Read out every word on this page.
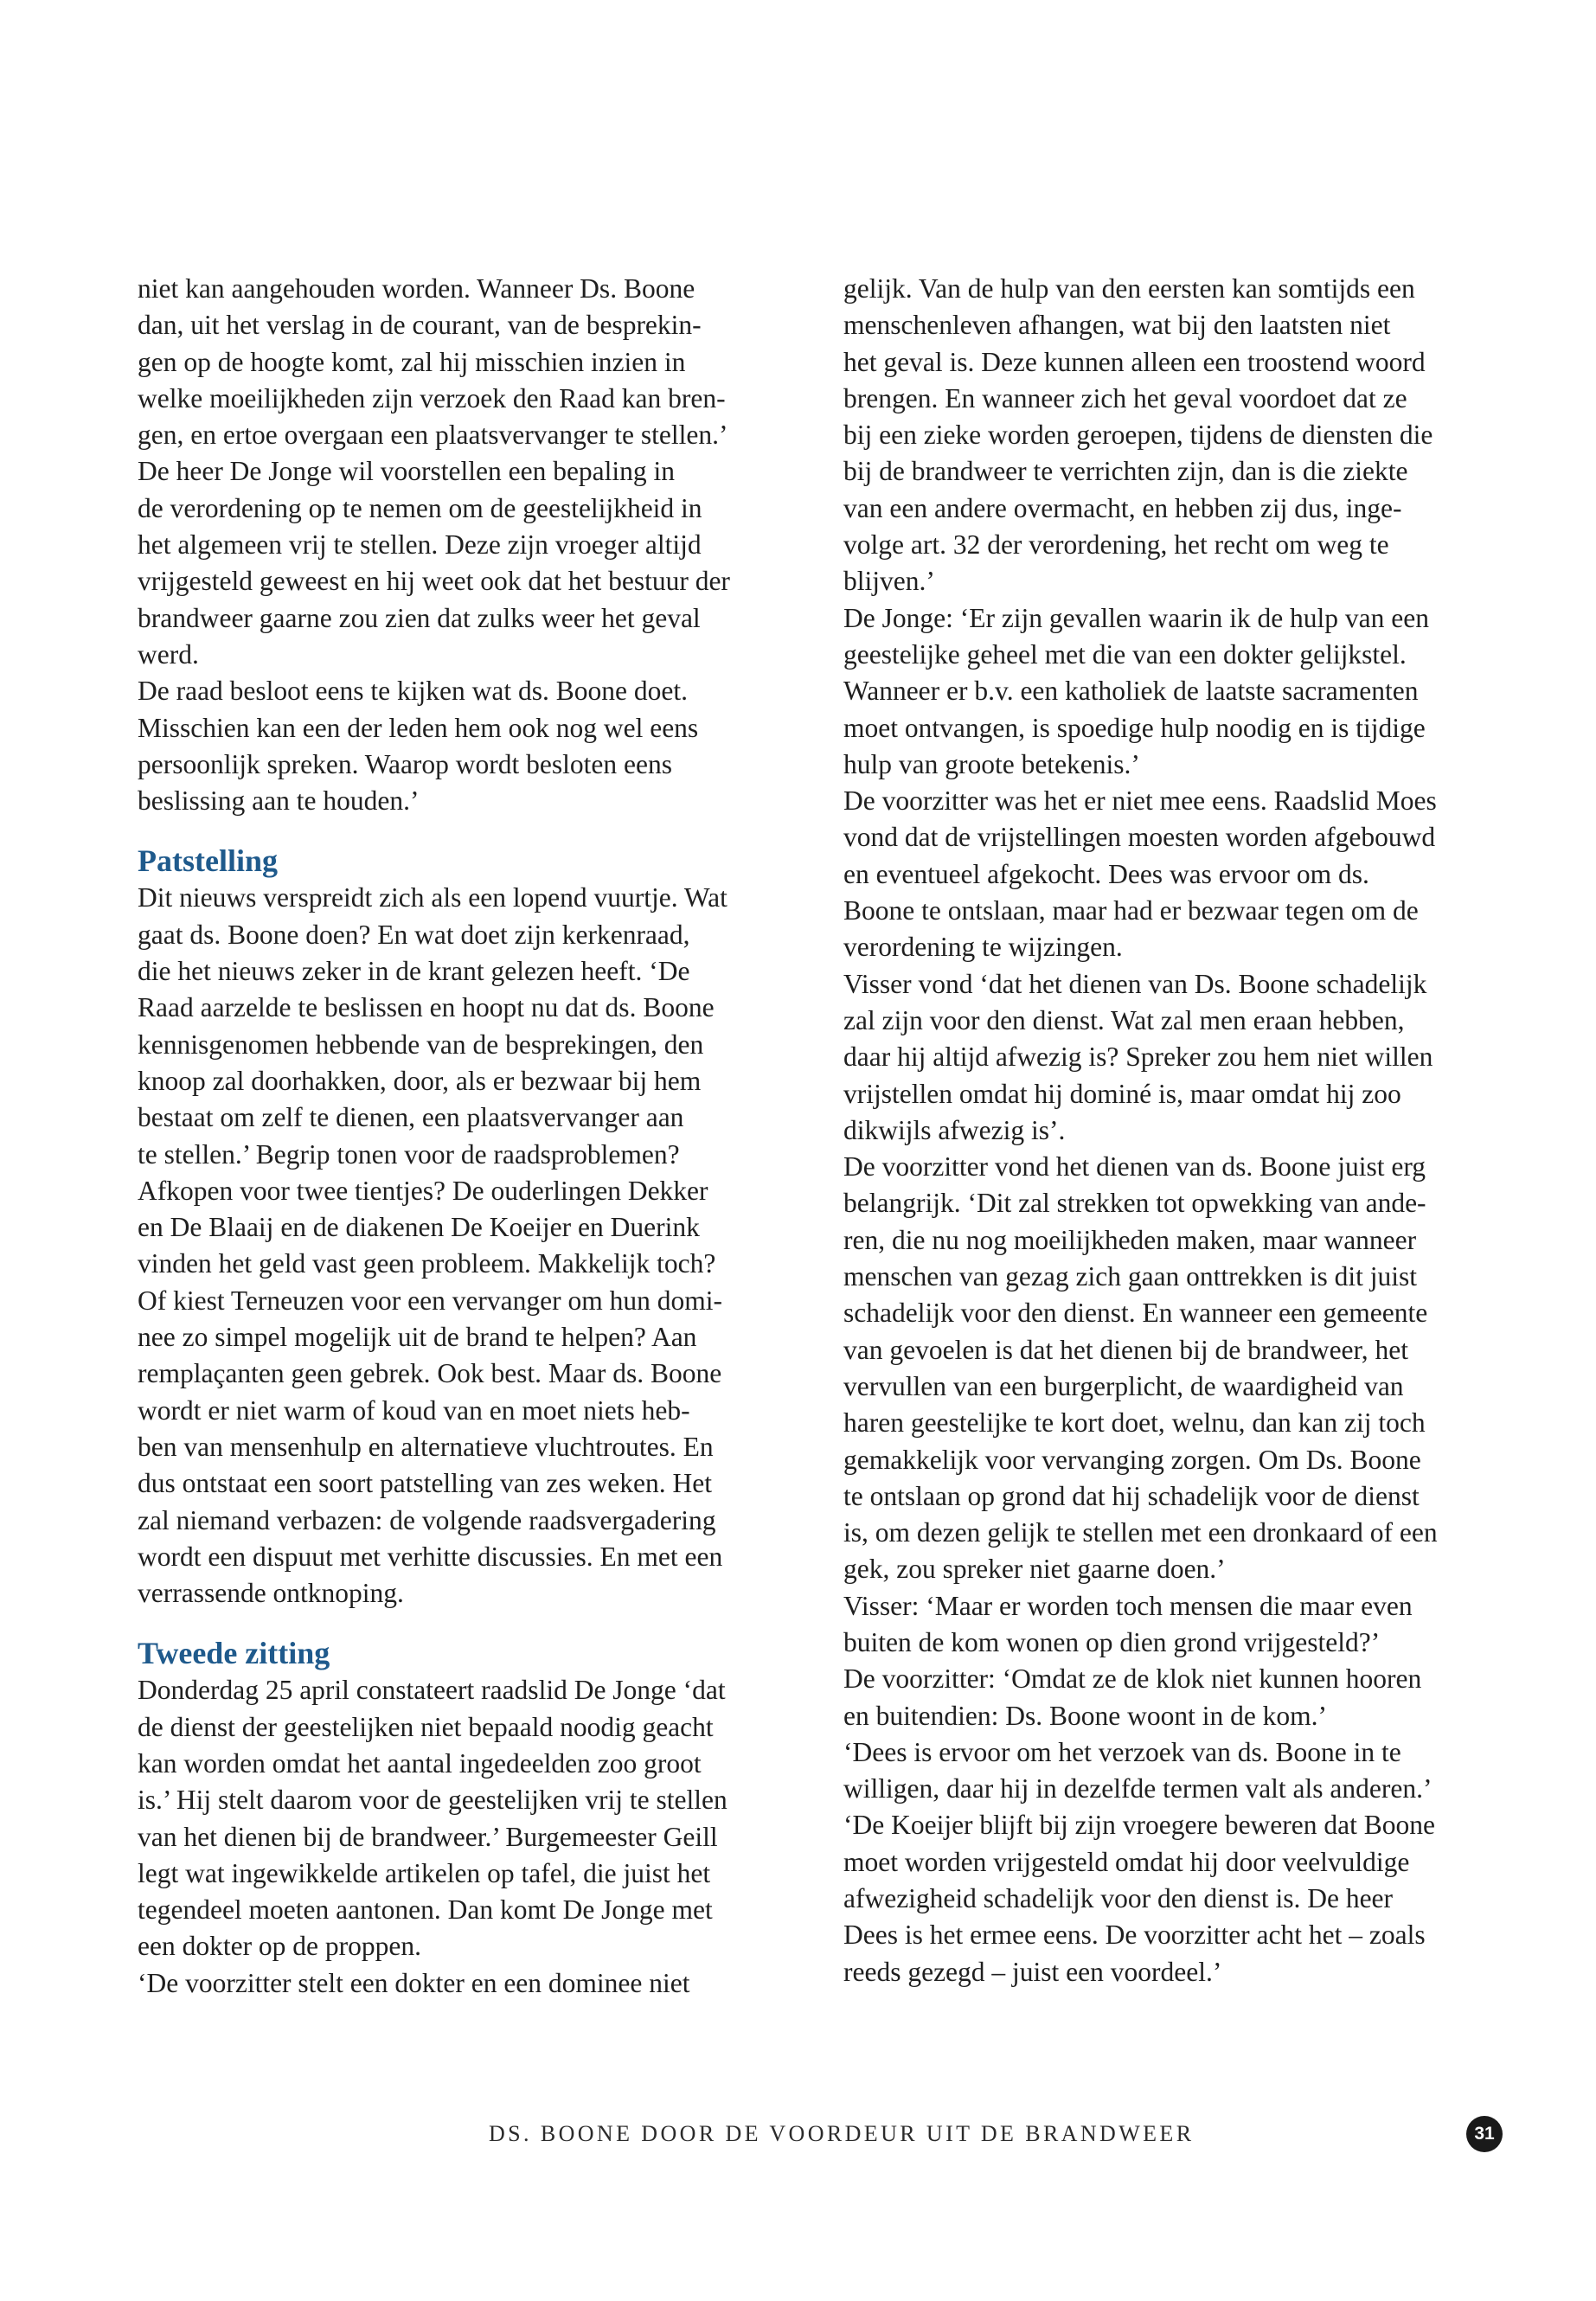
niet kan aangehouden worden. Wanneer Ds. Boone
dan, uit het verslag in de courant, van de besprekin-
gen op de hoogte komt, zal hij misschien inzien in
welke moeilijkheden zijn verzoek den Raad kan bren-
gen, en ertoe overgaan een plaatsvervanger te stellen.’
De heer De Jonge wil voorstellen een bepaling in
de verordening op te nemen om de geestelijkheid in
het algemeen vrij te stellen. Deze zijn vroeger altijd
vrijgesteld geweest en hij weet ook dat het bestuur der
brandweer gaarne zou zien dat zulks weer het geval
werd.
De raad besloot eens te kijken wat ds. Boone doet.
Misschien kan een der leden hem ook nog wel eens
persoonlijk spreken. Waarop wordt besloten eens
beslissing aan te houden.’
Patstelling
Dit nieuws verspreidt zich als een lopend vuurtje. Wat
gaat ds. Boone doen? En wat doet zijn kerkenraad,
die het nieuws zeker in de krant gelezen heeft. ‘De
Raad aarzelde te beslissen en hoopt nu dat ds. Boone
kennisgenomen hebbende van de besprekingen, den
knoop zal doorhakken, door, als er bezwaar bij hem
bestaat om zelf te dienen, een plaatsvervanger aan
te stellen.’ Begrip tonen voor de raadsproblemen?
Afkopen voor twee tientjes? De ouderlingen Dekker
en De Blaaij en de diakenen De Koeijer en Duerink
vinden het geld vast geen probleem. Makkelijk toch?
Of kiest Terneuzen voor een vervanger om hun domi-
nee zo simpel mogelijk uit de brand te helpen? Aan
remplaçanten geen gebrek. Ook best. Maar ds. Boone
wordt er niet warm of koud van en moet niets heb-
ben van mensenhulp en alternatieve vluchtroutes. En
dus ontstaat een soort patstelling van zes weken. Het
zal niemand verbazen: de volgende raadsvergadering
wordt een dispuut met verhitte discussies. En met een
verrassende ontknoping.
Tweede zitting
Donderdag 25 april constateert raadslid De Jonge ‘dat
de dienst der geestelijken niet bepaald noodig geacht
kan worden omdat het aantal ingedeelden zoo groot
is.’ Hij stelt daarom voor de geestelijken vrij te stellen
van het dienen bij de brandweer.’ Burgemeester Geill
legt wat ingewikkelde artikelen op tafel, die juist het
tegendeel moeten aantonen. Dan komt De Jonge met
een dokter op de proppen.
‘De voorzitter stelt een dokter en een dominee niet
gelijk. Van de hulp van den eersten kan somtijds een
menschenleven afhangen, wat bij den laatsten niet
het geval is. Deze kunnen alleen een troostend woord
brengen. En wanneer zich het geval voordoet dat ze
bij een zieke worden geroepen, tijdens de diensten die
bij de brandweer te verrichten zijn, dan is die ziekte
van een andere overmacht, en hebben zij dus, inge-
volge art. 32 der verordening, het recht om weg te
blijven.’
De Jonge: ‘Er zijn gevallen waarin ik de hulp van een
geestelijke geheel met die van een dokter gelijkstel.
Wanneer er b.v. een katholiek de laatste sacramenten
moet ontvangen, is spoedige hulp noodig en is tijdige
hulp van groote betekenis.’
De voorzitter was het er niet mee eens. Raadslid Moes
vond dat de vrijstellingen moesten worden afgebouwd
en eventueel afgekocht. Dees was ervoor om ds.
Boone te ontslaan, maar had er bezwaar tegen om de
verordening te wijzingen.
Visser vond ‘dat het dienen van Ds. Boone schadelijk
zal zijn voor den dienst. Wat zal men eraan hebben,
daar hij altijd afwezig is? Spreker zou hem niet willen
vrijstellen omdat hij dominé is, maar omdat hij zoo
dikwijls afwezig is’.
De voorzitter vond het dienen van ds. Boone juist erg
belangrijk. ‘Dit zal strekken tot opwekking van andе-
ren, die nu nog moeilijkheden maken, maar wanneer
menschen van gezag zich gaan onttrekken is dit juist
schadelijk voor den dienst. En wanneer een gemeente
van gevoelen is dat het dienen bij de brandweer, het
vervullen van een burgerplicht, de waardigheid van
haren geestelijke te kort doet, welnu, dan kan zij toch
gemakkelijk voor vervanging zorgen. Om Ds. Boone
te ontslaan op grond dat hij schadelijk voor de dienst
is, om dezen gelijk te stellen met een dronkaard of een
gek, zou spreker niet gaarne doen.’
Visser: ‘Maar er worden toch mensen die maar even
buiten de kom wonen op dien grond vrijgesteld?’
De voorzitter: ‘Omdat ze de klok niet kunnen hooren
en buitendien: Ds. Boone woont in de kom.’
‘Dees is ervoor om het verzoek van ds. Boone in te
willigen, daar hij in dezelfde termen valt als anderen.’
‘De Koeijer blijft bij zijn vroegere beweren dat Boone
moet worden vrijgesteld omdat hij door veelvuldige
afwezigheid schadelijk voor den dienst is. De heer
Dees is het ermee eens. De voorzitter acht het – zoals
reeds gezegd – juist een voordeel.’
DS. BOONE DOOR DE VOORDEUR UIT DE BRANDWEER	31
